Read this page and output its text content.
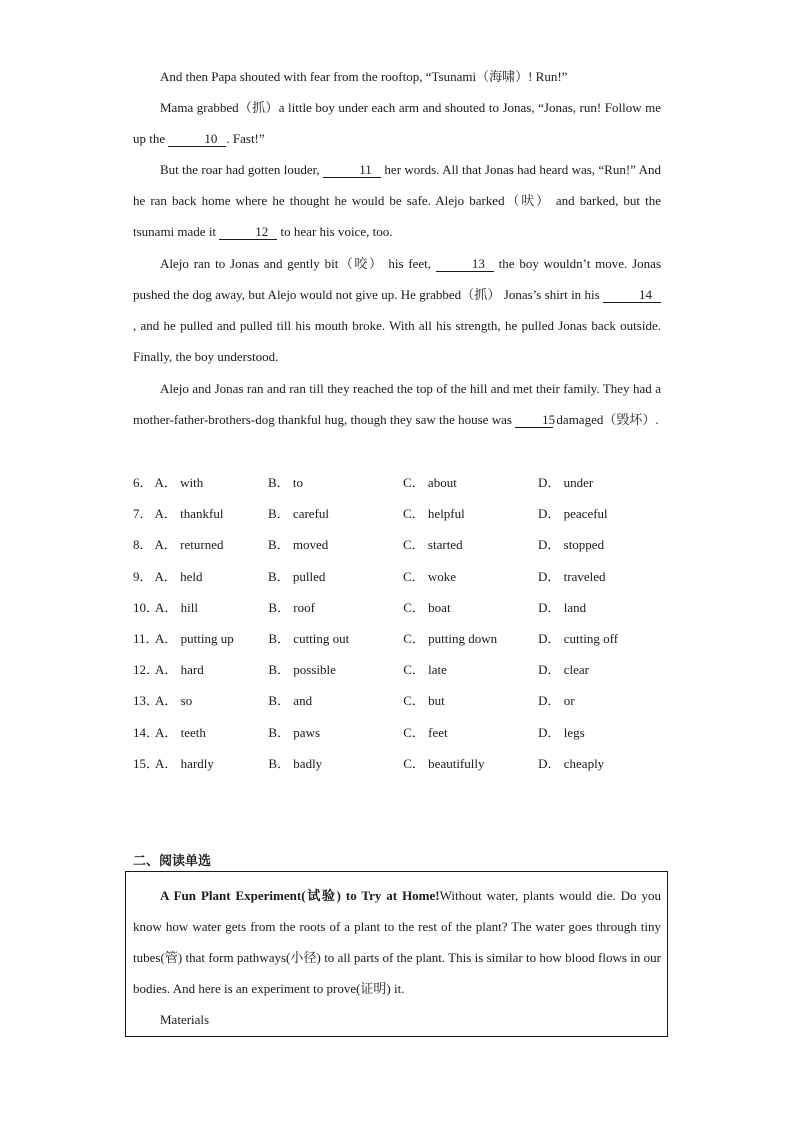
And then Papa shouted with fear from the rooftop, “Tsunami（海啸）! Run!”

Mama grabbed（抓）a little boy under each arm and shouted to Jonas, “Jonas, run! Follow me up the	10 . Fast!”

But the roar had gotten louder,	11 her words. All that Jonas had heard was, “Run!” And he ran back home where he thought he would be safe. Alejo barked（吠） and barked, but the tsunami made it	12 to hear his voice, too.

Alejo ran to Jonas and gently bit（咬） his feet,	13 the boy wouldn’t move. Jonas pushed the dog away, but Alejo would not give up. He grabbed（抓） Jonas’s shirt in his	14, and he pulled and pulled till his mouth broke. With all his strength, he pulled Jonas back outside. Finally, the boy understood.

Alejo and Jonas ran and ran till they reached the top of the hill and met their family. They had a mother-father-brothers-dog thankful hug, though they saw the house was 15 damaged（毁坏）.

6． A． with	B． to	C． about	D． under
7． A． thankful	B． careful	C． helpful	D． peaceful
8． A． returned	B． moved	C． started	D． stopped
9． A． held	B． pulled	C． woke	D． traveled
10．
A． hill	B． roof	C． boat	D． land
11．
A． putting up	B． cutting out	C． putting down	D． cutting off
12．
A． hard	B． possible	C． late	D． clear
13．
A． so	B． and	C． but	D． or
14．
A． teeth	B． paws	C． feet	D． legs
15．
A． hardly	B． badly	C． beautifully	D． cheaply
二、阅读单选

A Fun Plant Experiment(试验) to Try at Home!Without water, plants would die. Do you know how water gets from the roots of a plant to the rest of the plant? The water goes through tiny tubes(管) that form pathways(小径) to all parts of the plant. This is similar to how blood flows in our bodies. And here is an experiment to prove(证明) it.

Materials
